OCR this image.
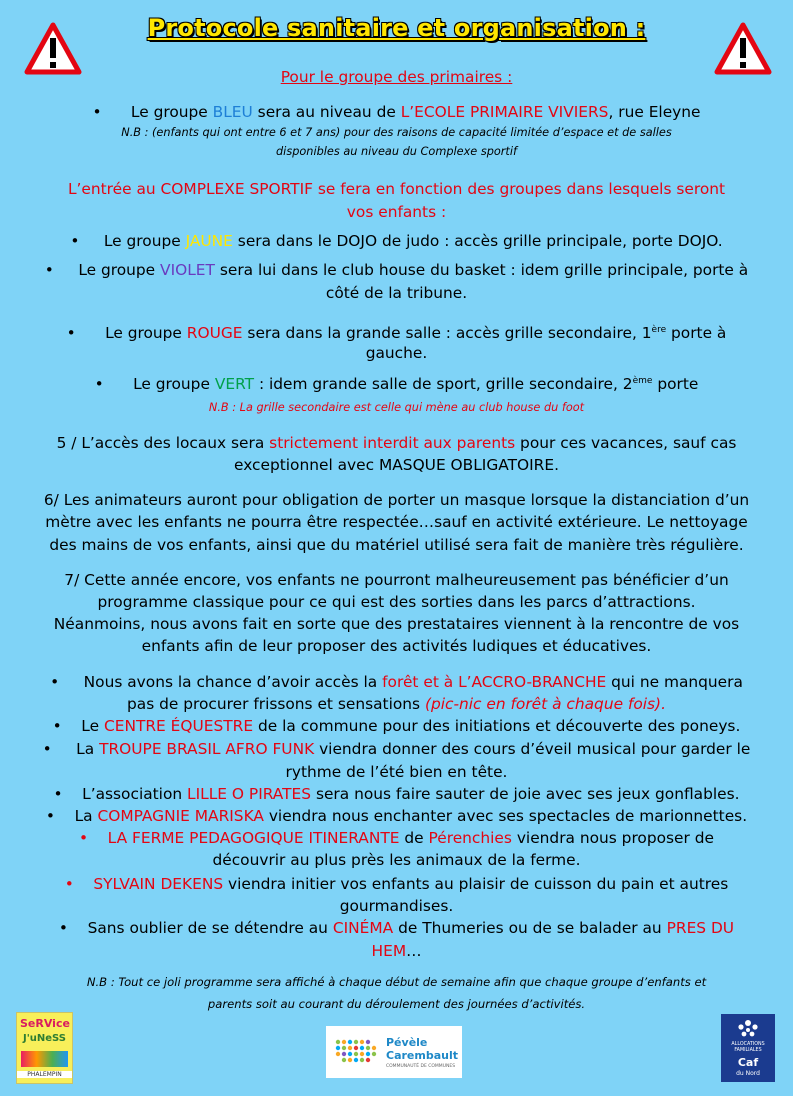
Protocole sanitaire et organisation :
Pour le groupe des primaires :
• Le groupe BLEU sera au niveau de L’ECOLE PRIMAIRE VIVIERS, rue Eleyne
N.B : (enfants qui ont entre 6 et 7 ans) pour des raisons de capacité limitée d’espace et de salles
disponibles au niveau du Complexe sportif
L’entrée au COMPLEXE SPORTIF se fera en fonction des groupes dans lesquels seront
vos enfants :
•     Le groupe JAUNE sera dans le DOJO de judo : accès grille principale, porte DOJO.
•     Le groupe VIOLET sera lui dans le club house du basket : idem grille principale, porte à
côté de la tribune.
•      Le groupe ROUGE sera dans la grande salle : accès grille secondaire, 1ère porte à
gauche.
•      Le groupe VERT : idem grande salle de sport, grille secondaire, 2ème porte
N.B : La grille secondaire est celle qui mène au club house du foot
5 / L’accès des locaux sera strictement interdit aux parents pour ces vacances, sauf cas
exceptionnel avec MASQUE OBLIGATOIRE.
6/ Les animateurs auront pour obligation de porter un masque lorsque la distanciation d’un
mètre avec les enfants ne pourra être respectée…sauf en activité extérieure. Le nettoyage
des mains de vos enfants, ainsi que du matériel utilisé sera fait de manière très régulière.
7/ Cette année encore, vos enfants ne pourront malheureusement pas bénéficier d’un
programme classique pour ce qui est des sorties dans les parcs d’attractions.
Néanmoins, nous avons fait en sorte que des prestataires viennent à la rencontre de vos
enfants afin de leur proposer des activités ludiques et éducatives.
•     Nous avons la chance d’avoir accès la forêt et à L’ACCRO-BRANCHE qui ne manquera
pas de procurer frissons et sensations (pic-nic en forêt à chaque fois).
•    Le CENTRE ÉQUESTRE de la commune pour des initiations et découverte des poneys.
•     La TROUPE BRASIL AFRO FUNK viendra donner des cours d’éveil musical pour garder le
rythme de l’été bien en tête.
•    L’association LILLE O PIRATES sera nous faire sauter de joie avec ses jeux gonflables.
•    La COMPAGNIE MARISKA viendra nous enchanter avec ses spectacles de marionnettes.
• LA FERME PEDAGOGIQUE ITINERANTE de Pérenchies viendra nous proposer de
découvrir au plus près les animaux de la ferme.
• SYLVAIN DEKENS viendra initier vos enfants au plaisir de cuisson du pain et autres
gourmandises.
•    Sans oublier de se détendre au CINÉMA de Thumeries ou de se balader au PRES DU
HEM…
N.B : Tout ce joli programme sera affiché à chaque début de semaine afin que chaque groupe d’enfants et
parents soit au courant du déroulement des journées d’activités.
SeRVice
J'uNeSS
PHALEMPIN
Pévèle
Carembault
COMMUNAUTÉ DE COMMUNES
ALLOCATIONS
FAMILIALES
Caf
du Nord
